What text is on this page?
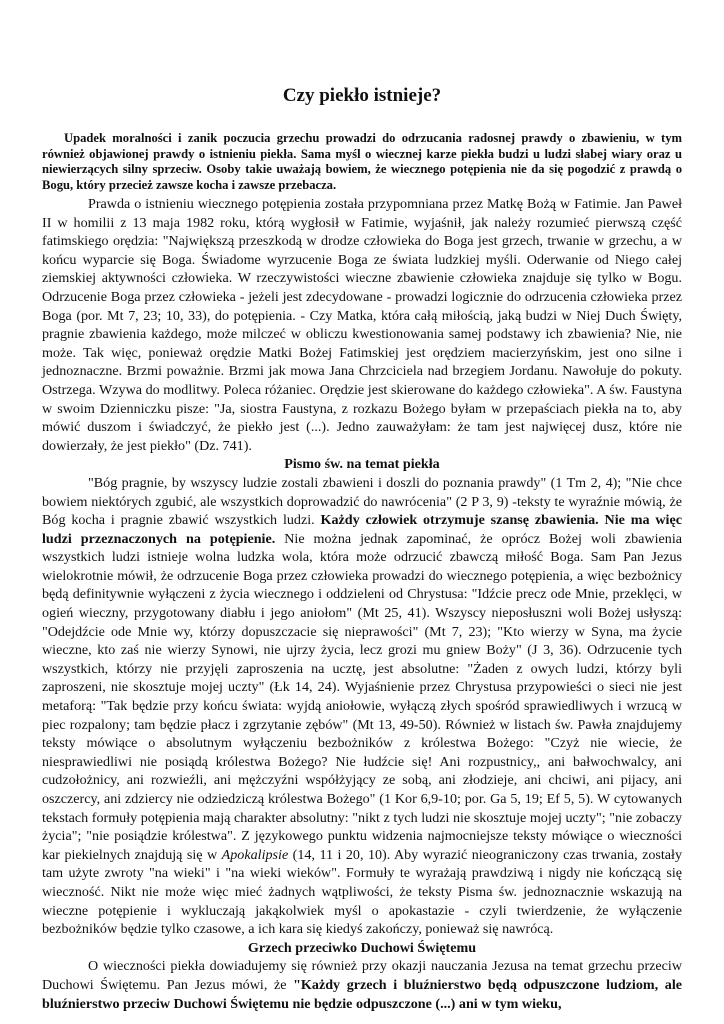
Czy piekło istnieje?
Upadek moralności i zanik poczucia grzechu prowadzi do odrzucania radosnej prawdy o zbawieniu, w tym również objawionej prawdy o istnieniu piekła. Sama myśl o wiecznej karze piekła budzi u ludzi słabej wiary oraz u niewierzących silny sprzeciw. Osoby takie uważają bowiem, że wiecznego potępienia nie da się pogodzić z prawdą o Bogu, który przecież zawsze kocha i zawsze przebacza.

Prawda o istnieniu wiecznego potępienia została przypomniana przez Matkę Bożą w Fatimie. Jan Paweł II w homilii z 13 maja 1982 roku, którą wygłosił w Fatimie, wyjaśnił, jak należy rozumieć pierwszą część fatimskiego orędzia: "Największą przeszkodą w drodze człowieka do Boga jest grzech, trwanie w grzechu, a w końcu wyparcie się Boga. Świadome wyrzucenie Boga ze świata ludzkiej myśli. Oderwanie od Niego całej ziemskiej aktywności człowieka. W rzeczywistości wieczne zbawienie człowieka znajduje się tylko w Bogu. Odrzucenie Boga przez człowieka - jeżeli jest zdecydowane - prowadzi logicznie do odrzucenia człowieka przez Boga (por. Mt 7, 23; 10, 33), do potępienia. - Czy Matka, która całą miłością, jaką budzi w Niej Duch Święty, pragnie zbawienia każdego, może milczeć w obliczu kwestionowania samej podstawy ich zbawienia? Nie, nie może. Tak więc, ponieważ orędzie Matki Bożej Fatimskiej jest orędziem macierzyńskim, jest ono silne i jednoznaczne. Brzmi poważnie. Brzmi jak mowa Jana Chrzciciela nad brzegiem Jordanu. Nawołuje do pokuty. Ostrzega. Wzywa do modlitwy. Poleca różaniec. Orędzie jest skierowane do każdego człowieka". A św. Faustyna w swoim Dzienniczku pisze: "Ja, siostra Faustyna, z rozkazu Bożego byłam w przepaściach piekła na to, aby mówić duszom i świadczyć, że piekło jest (...). Jedno zauważyłam: że tam jest najwięcej dusz, które nie dowierzały, że jest piekło" (Dz. 741).

Pismo św. na temat piekła

"Bóg pragnie, by wszyscy ludzie zostali zbawieni i doszli do poznania prawdy" (1 Tm 2, 4); "Nie chce bowiem niektórych zgubić, ale wszystkich doprowadzić do nawrócenia" (2 P 3, 9) -teksty te wyraźnie mówią, że Bóg kocha i pragnie zbawić wszystkich ludzi. Każdy człowiek otrzymuje szansę zbawienia. Nie ma więc ludzi przeznaczonych na potępienie. Nie można jednak zapominać, że oprócz Bożej woli zbawienia wszystkich ludzi istnieje wolna ludzka wola, która może odrzucić zbawczą miłość Boga. Sam Pan Jezus wielokrotnie mówił, że odrzucenie Boga przez człowieka prowadzi do wiecznego potępienia, a więc bezbożnicy będą definitywnie wyłączeni z życia wiecznego i oddzieleni od Chrystusa: "Idźcie precz ode Mnie, przeklęci, w ogień wieczny, przygotowany diabłu i jego aniołom" (Mt 25, 41). Wszyscy nieposłuszni woli Bożej usłyszą: "Odejdźcie ode Mnie wy, którzy dopuszczacie się nieprawości" (Mt 7, 23); "Kto wierzy w Syna, ma życie wieczne, kto zaś nie wierzy Synowi, nie ujrzy życia, lecz grozi mu gniew Boży" (J 3, 36). Odrzucenie tych wszystkich, którzy nie przyjęli zaproszenia na ucztę, jest absolutne: "Żaden z owych ludzi, którzy byli zaproszeni, nie skosztuje mojej uczty" (Łk 14, 24). Wyjaśnienie przez Chrystusa przypowieści o sieci nie jest metaforą: "Tak będzie przy końcu świata: wyjdą aniołowie, wyłączą złych spośród sprawiedliwych i wrzucą w piec rozpalony; tam będzie płacz i zgrzytanie zębów" (Mt 13, 49-50). Również w listach św. Pawła znajdujemy teksty mówiące o absolutnym wyłączeniu bezbożników z królestwa Bożego: "Czyż nie wiecie, że niesprawiedliwi nie posiądą królestwa Bożego? Nie łudźcie się! Ani rozpustnicy,, ani bałwochwalcy, ani cudzołożnicy, ani rozwieźli, ani mężczyźni współżyjący ze sobą, ani złodzieje, ani chciwi, ani pijacy, ani oszczercy, ani zdziercy nie odziedziczą królestwa Bożego" (1 Kor 6,9-10; por. Ga 5, 19; Ef 5, 5). W cytowanych tekstach formuły potępienia mają charakter absolutny: "nikt z tych ludzi nie skosztuje mojej uczty"; "nie zobaczy życia"; "nie posiądzie królestwa". Z językowego punktu widzenia najmocniejsze teksty mówiące o wieczności kar piekielnych znajdują się w Apokalipsie (14, 11 i 20, 10). Aby wyrazić nieograniczony czas trwania, zostały tam użyte zwroty "na wieki" i "na wieki wieków". Formuły te wyrażają prawdziwą i nigdy nie kończącą się wieczność. Nikt nie może więc mieć żadnych wątpliwości, że teksty Pisma św. jednoznacznie wskazują na wieczne potępienie i wykluczają jakąkolwiek myśl o apokastazie - czyli twierdzenie, że wyłączenie bezbożników będzie tylko czasowe, a ich kara się kiedyś zakończy, ponieważ się nawrócą.

Grzech przeciwko Duchowi Świętemu

O wieczności piekła dowiadujemy się również przy okazji nauczania Jezusa na temat grzechu przeciw Duchowi Świętemu. Pan Jezus mówi, że "Każdy grzech i bluźnierstwo będą odpuszczone ludziom, ale bluźnierstwo przeciw Duchowi Świętemu nie będzie odpuszczone (...) ani w tym wieku,
